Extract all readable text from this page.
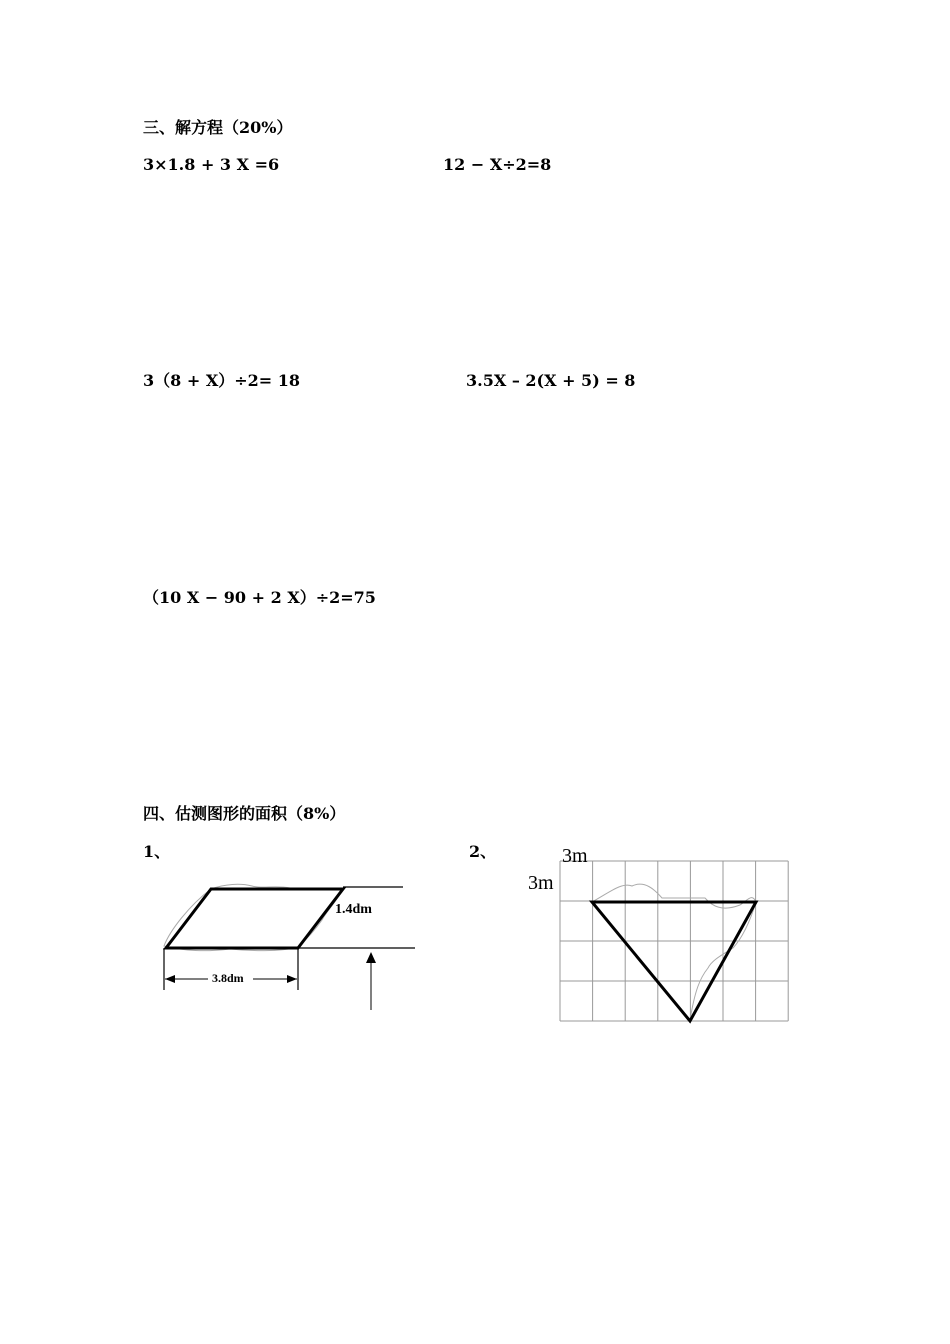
三、解方程（20%）
3×1.8 + 3 X =6	12 − X÷2=8
3（8 + X）÷2= 18	3.5X – 2(X + 5) = 8
（10 X − 90 + 2 X）÷2=75
四、估测图形的面积（8%）
1、	2、
1.4dm
3.8dm
3m
3m
